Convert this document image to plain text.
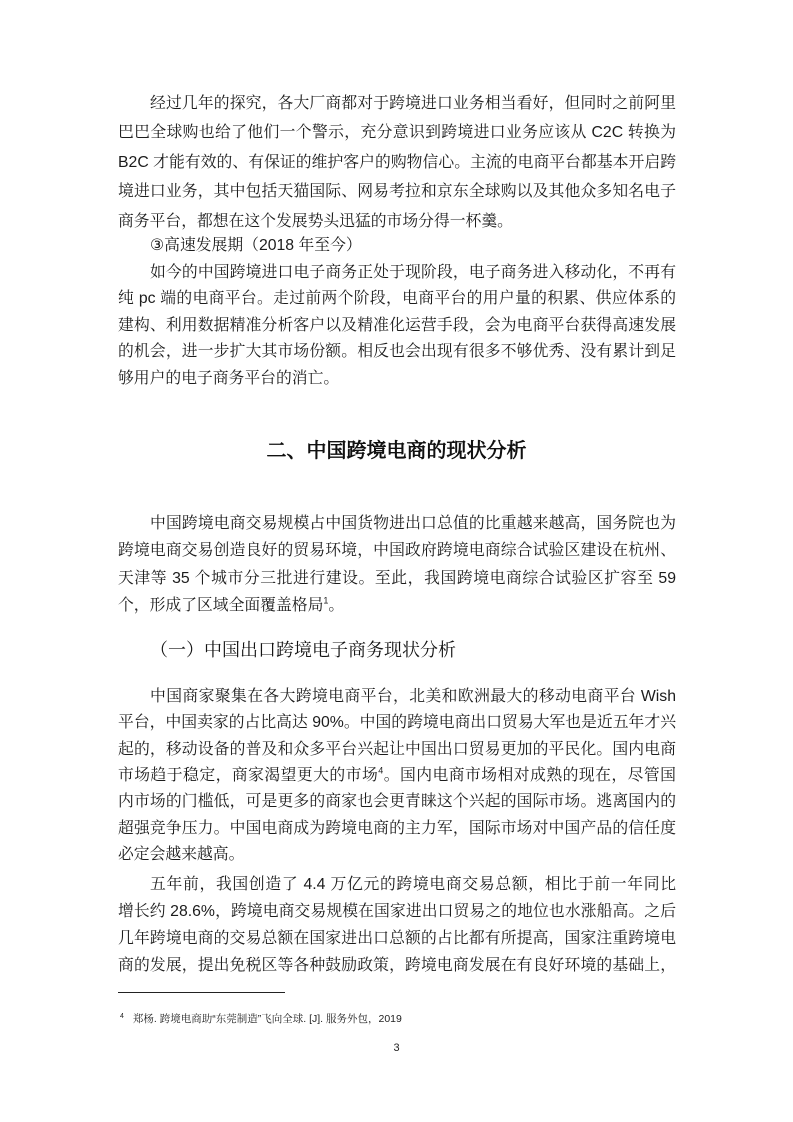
经过几年的探究，各大厂商都对于跨境进口业务相当看好，但同时之前阿里
巴巴全球购也给了他们一个警示，充分意识到跨境进口业务应该从 C2C 转换为
B2C 才能有效的、有保证的维护客户的购物信心。主流的电商平台都基本开启跨
境进口业务，其中包括天猫国际、网易考拉和京东全球购以及其他众多知名电子
商务平台，都想在这个发展势头迅猛的市场分得一杯羹。
③高速发展期（2018 年至今）
如今的中国跨境进口电子商务正处于现阶段，电子商务进入移动化，不再有
纯 pc 端的电商平台。走过前两个阶段，电商平台的用户量的积累、供应体系的
建构、利用数据精准分析客户以及精准化运营手段，会为电商平台获得高速发展
的机会，进一步扩大其市场份额。相反也会出现有很多不够优秀、没有累计到足
够用户的电子商务平台的消亡。
二、中国跨境电商的现状分析
中国跨境电商交易规模占中国货物进出口总值的比重越来越高，国务院也为
跨境电商交易创造良好的贸易环境，中国政府跨境电商综合试验区建设在杭州、
天津等 35 个城市分三批进行建设。至此，我国跨境电商综合试验区扩容至 59
个，形成了区域全面覆盖格局$^1$。
（一）中国出口跨境电子商务现状分析
中国商家聚集在各大跨境电商平台，北美和欧洲最大的移动电商平台 Wish
平台，中国卖家的占比高达 90%。中国的跨境电商出口贸易大军也是近五年才兴
起的，移动设备的普及和众多平台兴起让中国出口贸易更加的平民化。国内电商
市场趋于稳定，商家渴望更大的市场$^4$。国内电商市场相对成熟的现在，尽管国
内市场的门槛低，可是更多的商家也会更青睐这个兴起的国际市场。逃离国内的
超强竞争压力。中国电商成为跨境电商的主力军，国际市场对中国产品的信任度
必定会越来越高。
五年前，我国创造了 4.4 万亿元的跨境电商交易总额，相比于前一年同比
增长约 28.6%，跨境电商交易规模在国家进出口贸易之的地位也水涨船高。之后
几年跨境电商的交易总额在国家进出口总额的占比都有所提高，国家注重跨境电
商的发展，提出免税区等各种鼓励政策，跨境电商发展在有良好环境的基础上，
$^4$ 郑杨. 跨境电商助“东莞制造”飞向全球. [J]. 服务外包，2019
3
